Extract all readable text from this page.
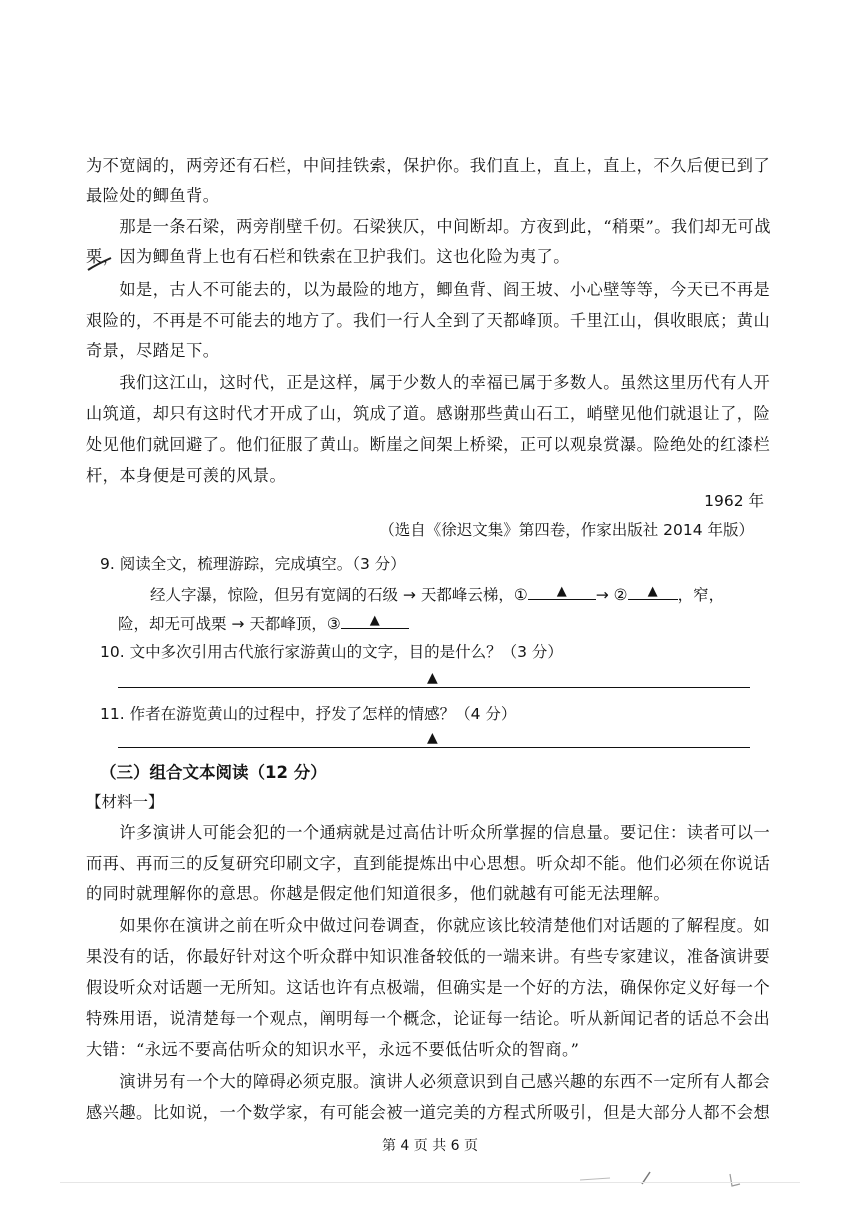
为不宽阔的，两旁还有石栏，中间挂铁索，保护你。我们直上，直上，直上，不久后便已到了
最险处的鲫鱼背。
　　那是一条石梁，两旁削壁千仞。石梁狭仄，中间断却。方夜到此，“稍栗”。我们却无可战
栗，因为鲫鱼背上也有石栏和铁索在卫护我们。这也化险为夷了。
　　如是，古人不可能去的，以为最险的地方，鲫鱼背、阎王坡、小心壁等等，今天已不再是
艰险的，不再是不可能去的地方了。我们一行人全到了天都峰顶。千里江山，俱收眼底；黄山
奇景，尽踏足下。
　　我们这江山，这时代，正是这样，属于少数人的幸福已属于多数人。虽然这里历代有人开
山筑道，却只有这时代才开成了山，筑成了道。感谢那些黄山石工，峭壁见他们就退让了，险
处见他们就回避了。他们征服了黄山。断崖之间架上桥梁，正可以观泉赏瀑。险绝处的红漆栏
杆，本身便是可羡的风景。
1962 年
（选自《徐迟文集》第四卷，作家出版社 2014 年版）
9. 阅读全文，梳理游踪，完成填空。（3 分）
经人字瀑，惊险，但另有宽阔的石级 → 天都峰云梯，① ▲ → ② ▲ ，窄，
险，却无可战栗 → 天都峰顶，③ ▲
10. 文中多次引用古代旅行家游黄山的文字，目的是什么？（3 分）
▲
11. 作者在游览黄山的过程中，抒发了怎样的情感？（4 分）
▲
（三）组合文本阅读（12 分）
【材料一】
　　许多演讲人可能会犯的一个通病就是过高估计听众所掌握的信息量。要记住：读者可以一
而再、再而三的反复研究印刷文字，直到能提炼出中心思想。听众却不能。他们必须在你说话
的同时就理解你的意思。你越是假定他们知道很多，他们就越有可能无法理解。
　　如果你在演讲之前在听众中做过问卷调查，你就应该比较清楚他们对话题的了解程度。如
果没有的话，你最好针对这个听众群中知识准备较低的一端来讲。有些专家建议，准备演讲要
假设听众对话题一无所知。这话也许有点极端，但确实是一个好的方法，确保你定义好每一个
特殊用语，说清楚每一个观点，阐明每一个概念，论证每一结论。听从新闻记者的话总不会出
大错：“永远不要高估听众的知识水平，永远不要低估听众的智商。”
　　演讲另有一个大的障碍必须克服。演讲人必须意识到自己感兴趣的东西不一定所有人都会
感兴趣。比如说，一个数学家，有可能会被一道完美的方程式所吸引，但是大部分人都不会想
第 4 页 共 6 页
